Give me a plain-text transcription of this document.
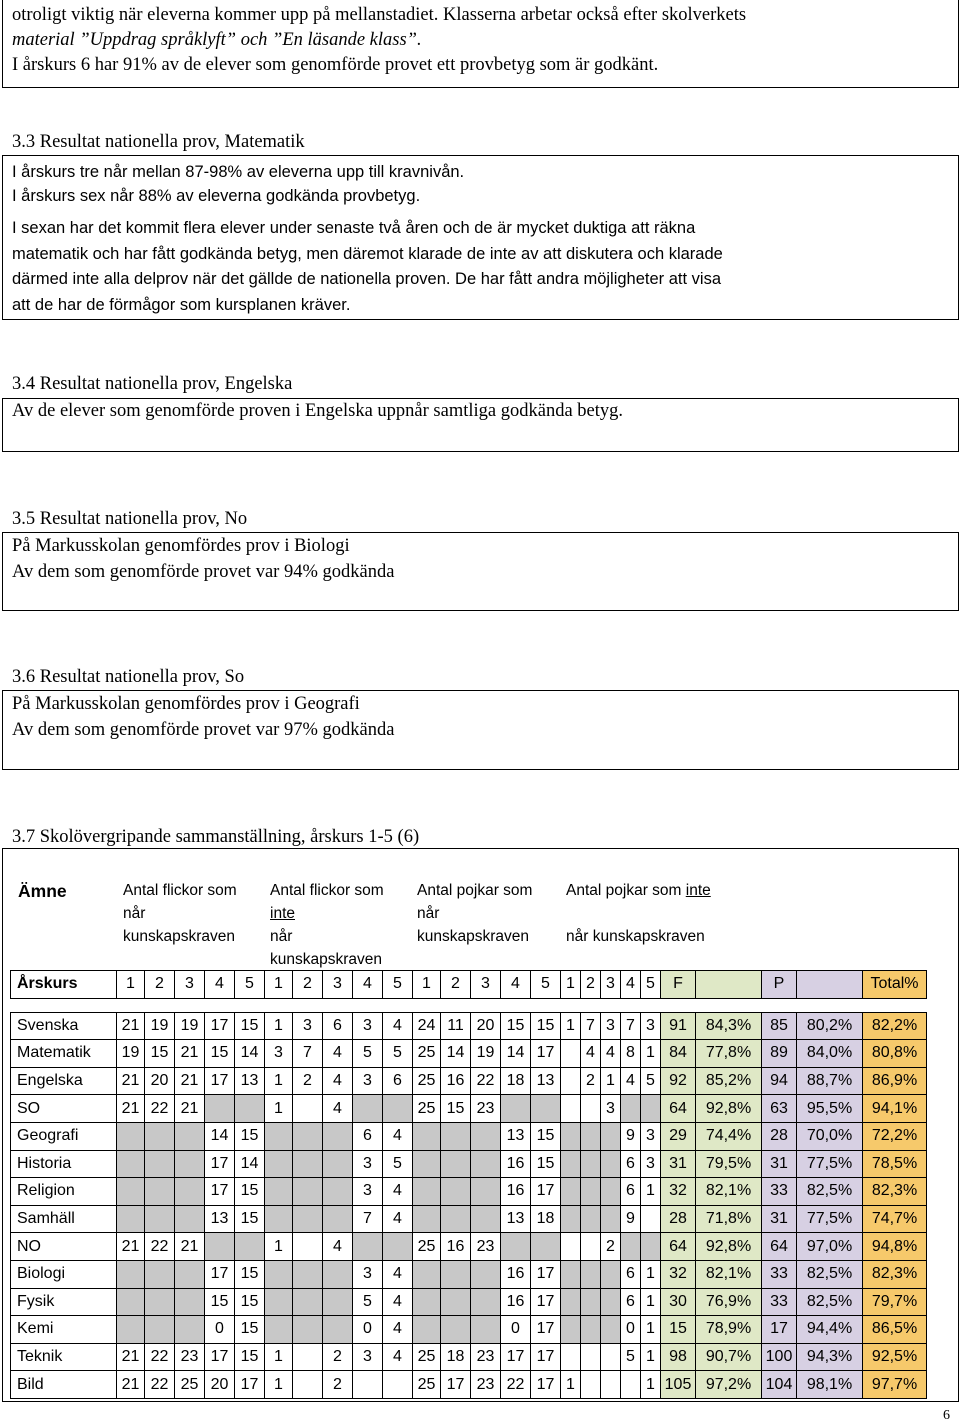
otroligt viktig när eleverna kommer upp på mellanstadiet. Klasserna arbetar också efter skolverkets
material ”Uppdrag språklyft” och ”En läsande klass”.
I årskurs 6 har 91% av de elever som genomförde provet ett provbetyg som är godkänt.
3.3 Resultat nationella prov, Matematik
I årskurs tre når mellan 87-98% av eleverna upp till kravnivån.
I årskurs sex når 88% av eleverna godkända provbetyg.
I sexan har det kommit flera elever under senaste två åren och de är mycket duktiga att räkna
matematik och har fått godkända betyg, men däremot klarade de inte av att diskutera och klarade
därmed inte alla delprov när det gällde de nationella proven. De har fått andra möjligheter att visa
att de har de förmågor som kursplanen kräver.
3.4 Resultat nationella prov, Engelska
Av de elever som genomförde proven i Engelska uppnår samtliga godkända betyg.
3.5 Resultat nationella prov, No
På Markusskolan genomfördes prov i Biologi
Av dem som genomförde provet var 94% godkända
3.6 Resultat nationella prov, So
På Markusskolan genomfördes prov i Geografi
Av dem som genomförde provet var 97% godkända
3.7 Skolövergripande sammanställning, årskurs 1-5 (6)
Ämne	Antal flickor som
når
kunskapskraven
Antal flickor som
inte
når
kunskapskraven
Antal pojkar som
når
kunskapskraven
Antal pojkar som inte

når kunskapskraven
Årskurs	1	2	3	4	5	1	2	3	4	5	1	2	3	4	5	1	2	3	4	5	F		P		Total%

Svenska	21	19	19	17	15	1	3	6	3	4	24	11	20	15	15	1	7	3	7	3	91	84,3%	85	80,2%	82,2%
Matematik	19	15	21	15	14	3	7	4	5	5	25	14	19	14	17		4	4	8	1	84	77,8%	89	84,0%	80,8%
Engelska	21	20	21	17	13	1	2	4	3	6	25	16	22	18	13		2	1	4	5	92	85,2%	94	88,7%	86,9%
SO	21	22	21			1		4			25	15	23					3			64	92,8%	63	95,5%	94,1%
Geografi				14	15				6	4				13	15				9	3	29	74,4%	28	70,0%	72,2%
Historia				17	14				3	5				16	15				6	3	31	79,5%	31	77,5%	78,5%
Religion				17	15				3	4				16	17				6	1	32	82,1%	33	82,5%	82,3%
Samhäll				13	15				7	4				13	18				9		28	71,8%	31	77,5%	74,7%
NO	21	22	21			1		4			25	16	23					2			64	92,8%	64	97,0%	94,8%
Biologi				17	15				3	4				16	17				6	1	32	82,1%	33	82,5%	82,3%
Fysik				15	15				5	4				16	17				6	1	30	76,9%	33	82,5%	79,7%
Kemi				0	15				0	4				0	17				0	1	15	78,9%	17	94,4%	86,5%
Teknik	21	22	23	17	15	1		2	3	4	25	18	23	17	17				5	1	98	90,7%	100	94,3%	92,5%
Bild	21	22	25	20	17	1		2			25	17	23	22	17	1				1	105	97,2%	104	98,1%	97,7%
6
